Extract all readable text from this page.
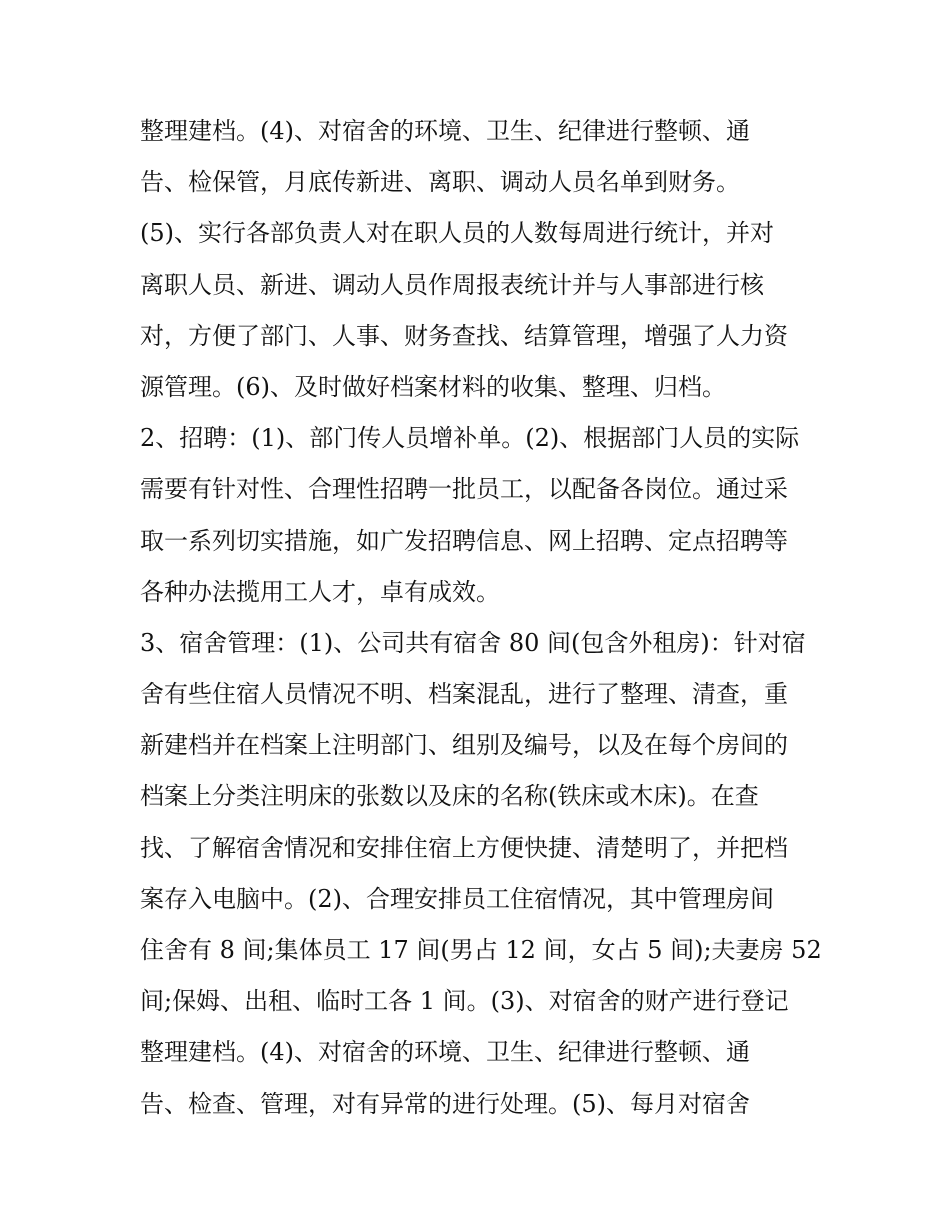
整理建档。(4)、对宿舍的环境、卫生、纪律进行整顿、通
告、检保管，月底传新进、离职、调动人员名单到财务。
(5)、实行各部负责人对在职人员的人数每周进行统计，并对
离职人员、新进、调动人员作周报表统计并与人事部进行核
对，方便了部门、人事、财务查找、结算管理，增强了人力资
源管理。(6)、及时做好档案材料的收集、整理、归档。
2、招聘：(1)、部门传人员增补单。(2)、根据部门人员的实际
需要有针对性、合理性招聘一批员工，以配备各岗位。通过采
取一系列切实措施，如广发招聘信息、网上招聘、定点招聘等
各种办法揽用工人才，卓有成效。
3、宿舍管理：(1)、公司共有宿舍 80 间(包含外租房)：针对宿
舍有些住宿人员情况不明、档案混乱，进行了整理、清查，重
新建档并在档案上注明部门、组别及编号，以及在每个房间的
档案上分类注明床的张数以及床的名称(铁床或木床)。在查
找、了解宿舍情况和安排住宿上方便快捷、清楚明了，并把档
案存入电脑中。(2)、合理安排员工住宿情况，其中管理房间
住舍有 8 间;集体员工 17 间(男占 12 间，女占 5 间);夫妻房 52
间;保姆、出租、临时工各 1 间。(3)、对宿舍的财产进行登记
整理建档。(4)、对宿舍的环境、卫生、纪律进行整顿、通
告、检查、管理，对有异常的进行处理。(5)、每月对宿舍
